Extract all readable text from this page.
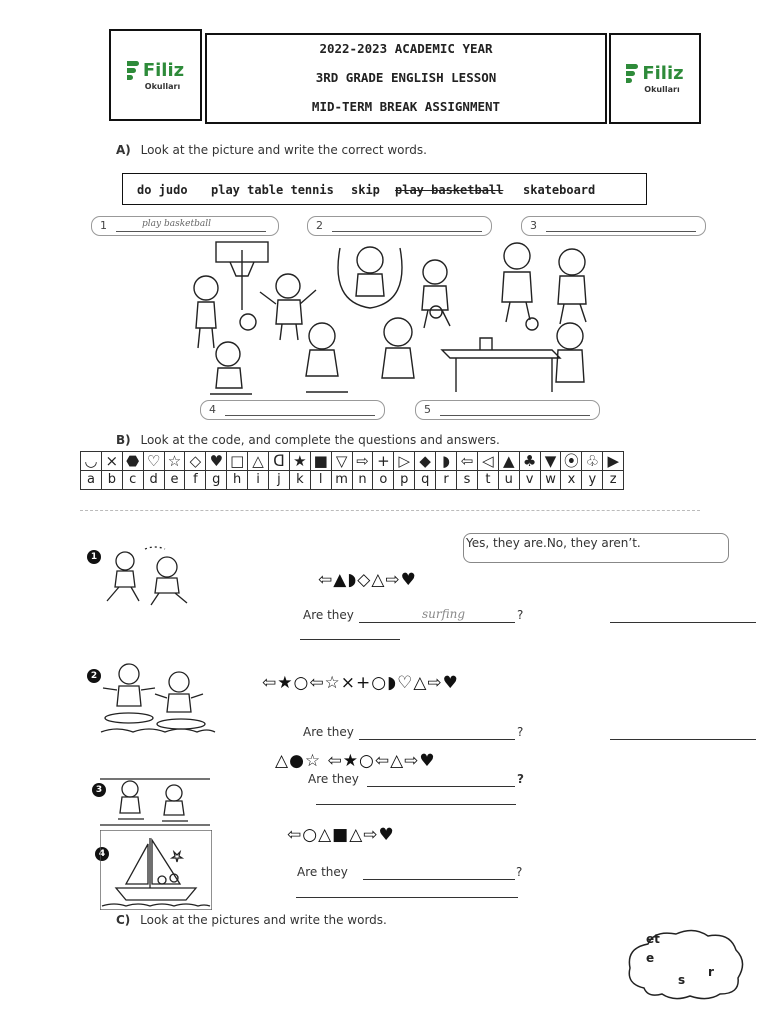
Filiz
Okulları
2022-2023 ACADEMIC YEAR
3RD GRADE ENGLISH LESSON
MID-TERM BREAK ASSIGNMENT
Filiz
Okulları
A) Look at the picture and write the correct words.
do judo play table tennis skip play basketball skateboard
1	play basketball	2	3
4	5
B) Look at the code, and complete the questions and answers.
◡	×	⬣	♡	☆	◇	♥	□	△	ᗡ	★	■	▽	⇨	+	▷	◆	◗	⇦	◁	▲	♣	▼	⦿	♧	▶
a	b	c	d	e	f	g	h	i	j	k	l	m	n	o	p	q	r	s	t	u	v	w	x	y	z
Yes, they are.No, they aren’t.
1
⇦▲◗◇△⇨♥
Are they	surfing	?
2	⇦★○⇦☆×+○◗♡△⇨♥
Are they	?
△●☆ ⇦★○⇦△⇨♥
Are they	?
3
4
⇦○△■△⇨♥
Are they	?
C) Look at the pictures and write the words.
et
e
s
r
